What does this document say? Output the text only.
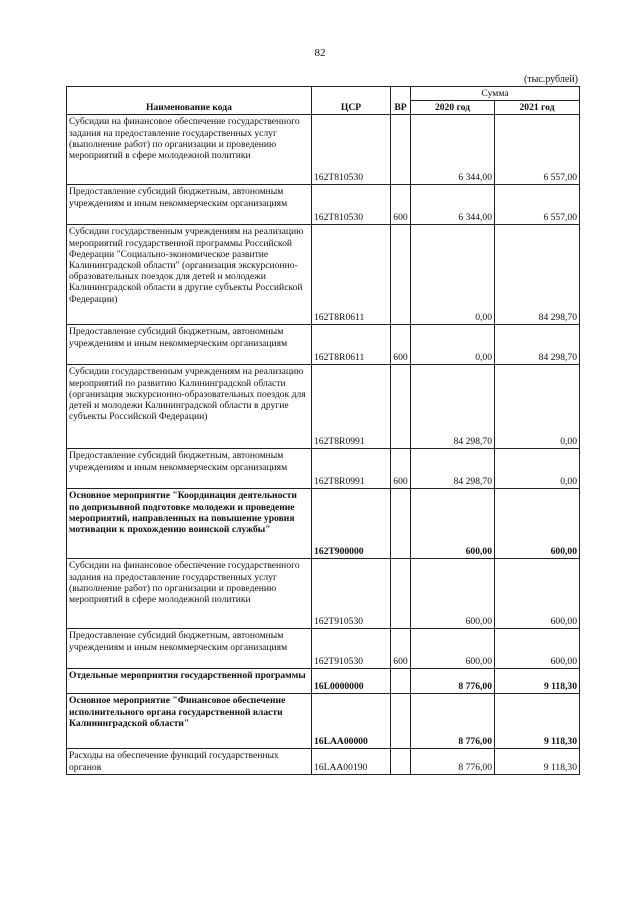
82
(тыс.рублей)
Наименование кода	ЦСР	ВР	Сумма	
			2020 год	2021 год
Субсидии на финансовое обеспечение государственного задания на предоставление государственных услуг (выполнение работ) по организации и проведению мероприятий в сфере молодежной политики	162T810530		6 344,00	6 557,00
Предоставление субсидий бюджетным, автономным учреждениям и иным некоммерческим организациям	162T810530	600	6 344,00	6 557,00
Субсидии государственным учреждениям на реализацию мероприятий государственной программы Российской Федерации "Социально-экономическое развитие Калининградской области" (организация экскурсионно-образовательных поездок для детей и молодежи Калининградской области в другие субъекты Российской Федерации)	162T8R0611		0,00	84 298,70
Предоставление субсидий бюджетным, автономным учреждениям и иным некоммерческим организациям	162T8R0611	600	0,00	84 298,70
Субсидии государственным учреждениям на реализацию мероприятий по развитию Калининградской области (организация экскурсионно-образовательных поездок для детей и молодежи Калининградской области в другие субъекты Российской Федерации)	162T8R0991		84 298,70	0,00
Предоставление субсидий бюджетным, автономным учреждениям и иным некоммерческим организациям	162T8R0991	600	84 298,70	0,00
Основное мероприятие "Координация деятельности по допризывной подготовке молодежи и проведение мероприятий, направленных на повышение уровня мотивации к прохождению воинской службы"	162T900000		600,00	600,00
Субсидии на финансовое обеспечение государственного задания на предоставление государственных услуг (выполнение работ) по организации и проведению мероприятий в сфере молодежной политики	162T910530		600,00	600,00
Предоставление субсидий бюджетным, автономным учреждениям и иным некоммерческим организациям	162T910530	600	600,00	600,00
Отдельные мероприятия государственной программы	16L0000000		8 776,00	9 118,30
Основное мероприятие "Финансовое обеспечение исполнительного органа государственной власти Калининградской области"	16LAA00000		8 776,00	9 118,30
Расходы на обеспечение функций государственных органов	16LAA00190		8 776,00	9 118,30
